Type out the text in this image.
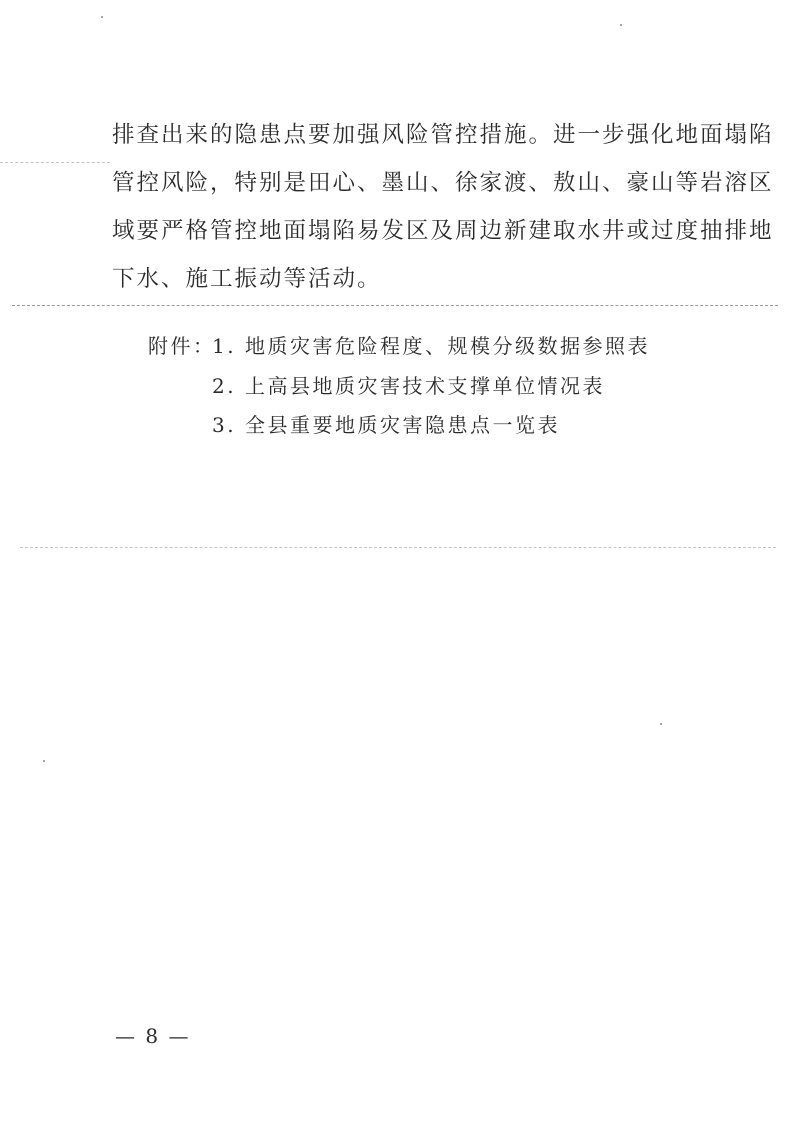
排查出来的隐患点要加强风险管控措施。进一步强化地面塌陷
管控风险，特别是田心、墨山、徐家渡、敖山、豪山等岩溶区
域要严格管控地面塌陷易发区及周边新建取水井或过度抽排地
下水、施工振动等活动。
附件：
1. 地质灾害危险程度、规模分级数据参照表
2. 上高县地质灾害技术支撑单位情况表
3. 全县重要地质灾害隐患点一览表
— 8 —
